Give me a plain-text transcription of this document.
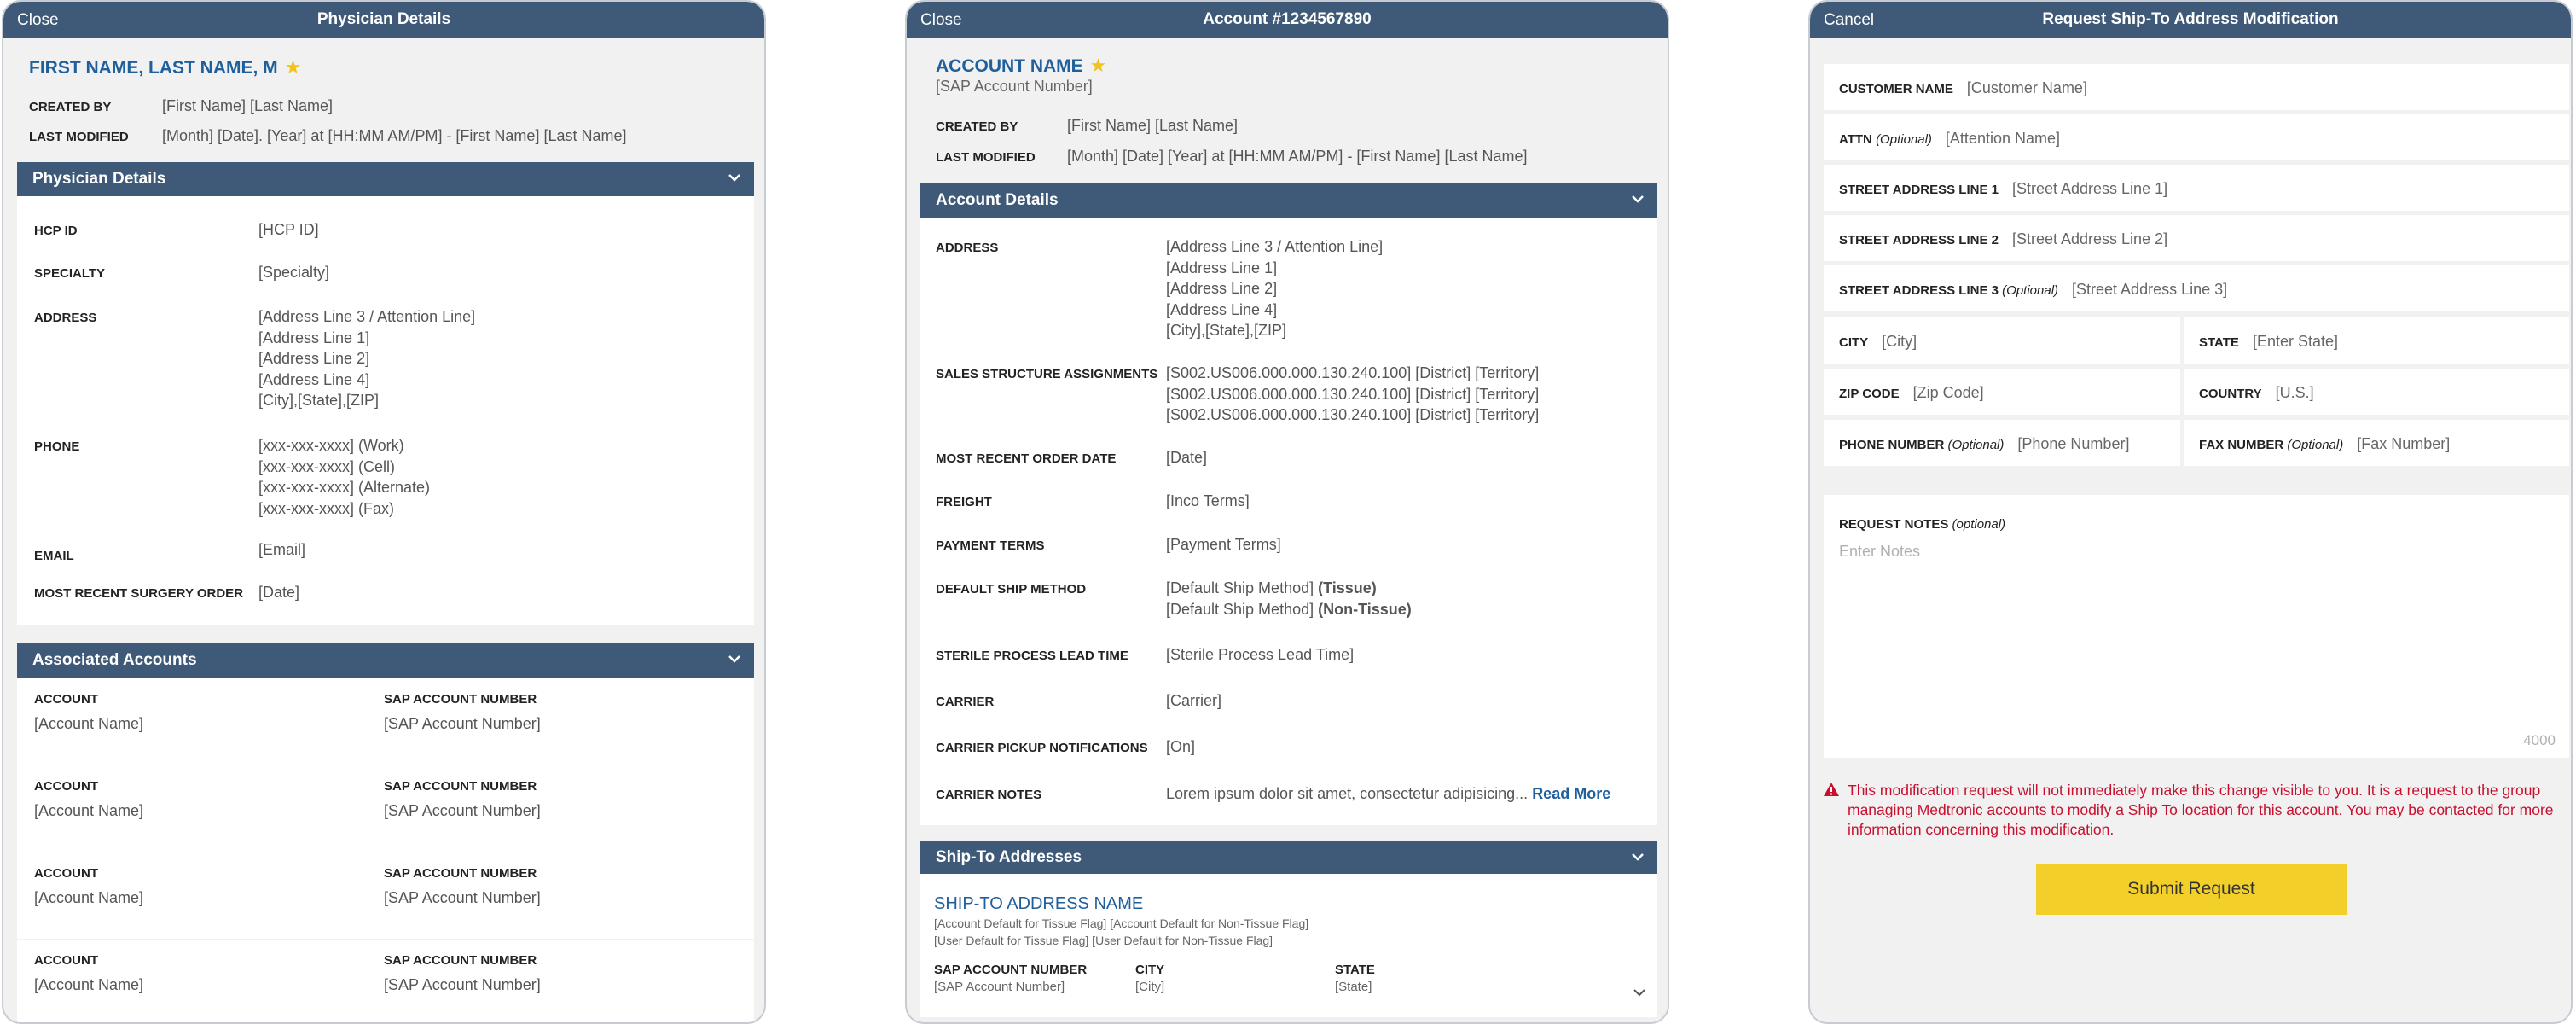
Close	Physician Details
FIRST NAME, LAST NAME, M ★
CREATED BY	[First Name] [Last Name]
LAST MODIFIED	[Month] [Date]. [Year] at [HH:MM AM/PM] - [First Name] [Last Name]
Physician Details
HCP ID	[HCP ID]
SPECIALTY	[Specialty]
ADDRESS	[Address Line 3 / Attention Line]
[Address Line 1]
[Address Line 2]
[Address Line 4]
[City],[State],[ZIP]
PHONE	[xxx-xxx-xxxx] (Work)
[xxx-xxx-xxxx] (Cell)
[xxx-xxx-xxxx] (Alternate)
[xxx-xxx-xxxx] (Fax)
EMAIL	[Email]
MOST RECENT SURGERY ORDER [Date]
Associated Accounts
ACCOUNT
[Account Name]
SAP ACCOUNT NUMBER
[SAP Account Number]
ACCOUNT
[Account Name]
SAP ACCOUNT NUMBER
[SAP Account Number]
ACCOUNT
[Account Name]
SAP ACCOUNT NUMBER
[SAP Account Number]
ACCOUNT
[Account Name]
SAP ACCOUNT NUMBER
[SAP Account Number]
Close	Account #1234567890
ACCOUNT NAME ★
[SAP Account Number]
CREATED BY	[First Name] [Last Name]
LAST MODIFIED	[Month] [Date] [Year] at [HH:MM AM/PM] - [First Name] [Last Name]
Account Details
ADDRESS	[Address Line 3 / Attention Line]
[Address Line 1]
[Address Line 2]
[Address Line 4]
[City],[State],[ZIP]
SALES STRUCTURE ASSIGNMENTS [S002.US006.000.000.130.240.100] [District] [Territory]
[S002.US006.000.000.130.240.100] [District] [Territory]
[S002.US006.000.000.130.240.100] [District] [Territory]
MOST RECENT ORDER DATE	[Date]
FREIGHT	[Inco Terms]
PAYMENT TERMS	[Payment Terms]
DEFAULT SHIP METHOD	[Default Ship Method] (Tissue)
[Default Ship Method] (Non-Tissue)
STERILE PROCESS LEAD TIME [Sterile Process Lead Time]
CARRIER	[Carrier]
CARRIER PICKUP NOTIFICATIONS [On]
CARRIER NOTES	Lorem ipsum dolor sit amet, consectetur adipisicing... Read More
Ship-To Addresses
SHIP-TO ADDRESS NAME
[Account Default for Tissue Flag] [Account Default for Non-Tissue Flag]
[User Default for Tissue Flag] [User Default for Non-Tissue Flag]
SAP ACCOUNT NUMBER
[SAP Account Number]
CITY
[City]
STATE
[State]
Cancel	Request Ship-To Address Modification
CUSTOMER NAME [Customer Name]
ATTN (Optional) [Attention Name]
STREET ADDRESS LINE 1 [Street Address Line 1]
STREET ADDRESS LINE 2 [Street Address Line 2]
STREET ADDRESS LINE 3 (Optional) [Street Address Line 3]
CITY [City]	STATE [Enter State]
ZIP CODE [Zip Code]	COUNTRY [U.S.]
PHONE NUMBER (Optional) [Phone Number]	FAX NUMBER (Optional) [Fax Number]
REQUEST NOTES (optional)
Enter Notes
4000
This modification request will not immediately make this change visible to you. It is a request to the group managing Medtronic accounts to modify a Ship To location for this account. You may be contacted for more information concerning this modification.
Submit Request
